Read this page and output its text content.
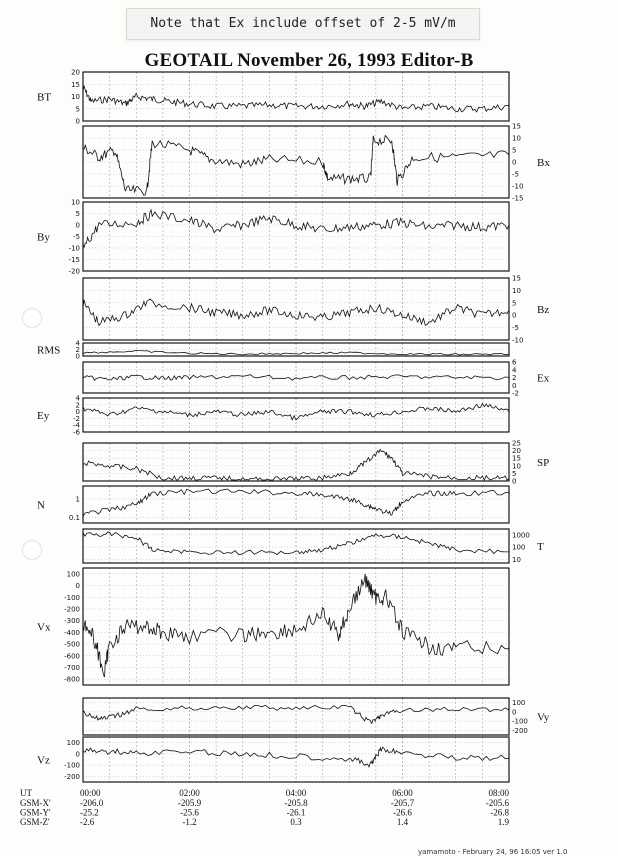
Note that Ex include offset of 2-5 mV/m
GEOTAIL November 26, 1993 Editor-B
0
5
10
15
20
BT
-15
-10
-5
0
5
10
15
Bx
-20
-15
-10
-5
0
5
10
By
-10
-5
0
5
10
15
Bz
0
2
4
RMS
-2
0
2
4
6
Ex
-6
-4
-2
0
2
4
Ey
0
5
10
15
20
25
SP
0.1
1
N
10
100
1000
T
-800
-700
-600
-500
-400
-300
-200
-100
0
100
Vx
-200
-100
0
100
Vy
-200
-100
0
100
Vz
00:00	02:00	04:00	06:00	08:00
UT
GSM-X'	-206.0	-205.9	-205.8	-205.7	-205.6
GSM-Y'	-25.2	-25.6	-26.1	-26.6	-26.8
GSM-Z'	-2.6	-1.2	0.3	1.4	1.9
yamamoto - February 24, 96 16:05 ver 1.0
